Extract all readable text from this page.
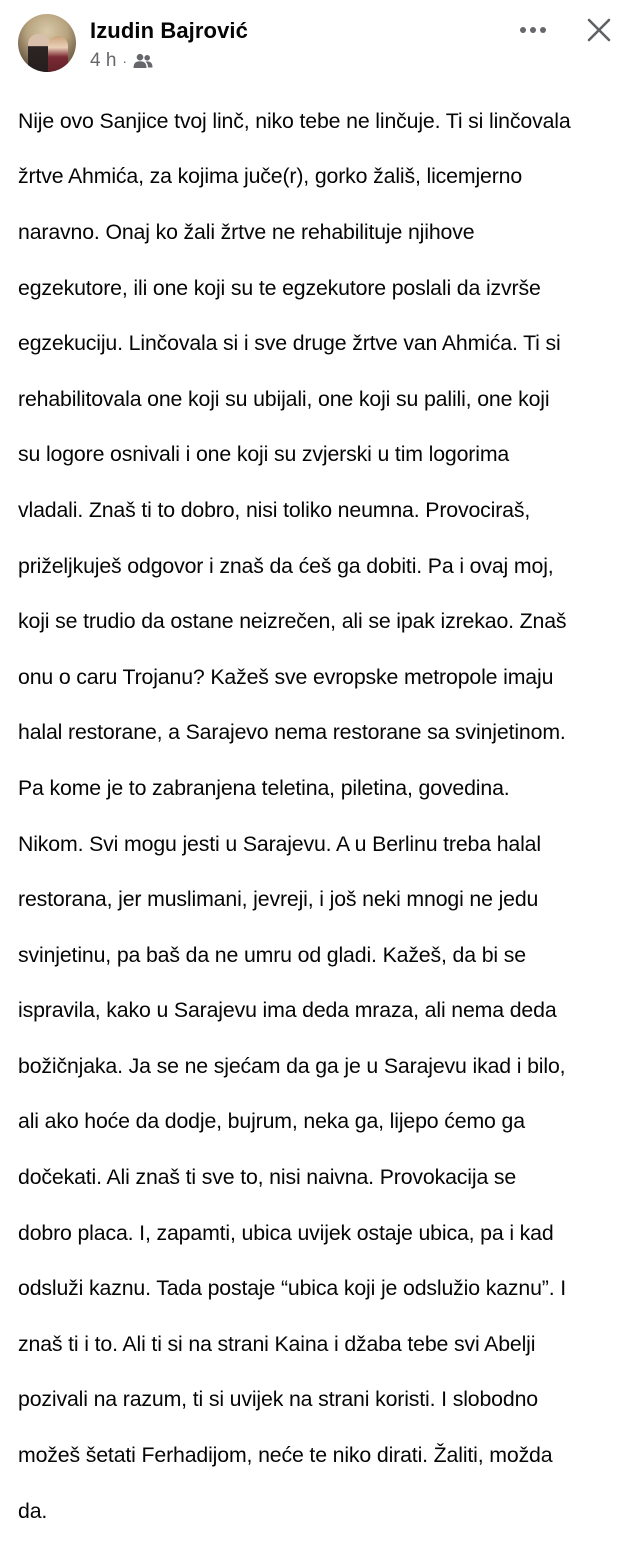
Izudin Bajrović
4 h ·

Nije ovo Sanjice tvoj linč, niko tebe ne linčuje. Ti si linčovala

žrtve Ahmića, za kojima juče(r), gorko žališ, licemjerno

naravno. Onaj ko žali žrtve ne rehabilituje njihove

egzekutore, ili one koji su te egzekutore poslali da izvrše

egzekuciju. Linčovala si i sve druge žrtve van Ahmića. Ti si

rehabilitovala one koji su ubijali, one koji su palili, one koji

su logore osnivali i one koji su zvjerski u tim logorima

vladali. Znaš ti to dobro, nisi toliko neumna. Provociraš,

priželjkuješ odgovor i znaš da ćeš ga dobiti. Pa i ovaj moj,

koji se trudio da ostane neizrečen, ali se ipak izrekao. Znaš

onu o caru Trojanu? Kažeš sve evropske metropole imaju

halal restorane, a Sarajevo nema restorane sa svinjetinom.

Pa kome je to zabranjena teletina, piletina, govedina.

Nikom. Svi mogu jesti u Sarajevu. A u Berlinu treba halal

restorana, jer muslimani, jevreji, i još neki mnogi ne jedu

svinjetinu, pa baš da ne umru od gladi. Kažeš, da bi se

ispravila, kako u Sarajevu ima deda mraza, ali nema deda

božičnjaka. Ja se ne sjećam da ga je u Sarajevu ikad i bilo,

ali ako hoće da dodje, bujrum, neka ga, lijepo ćemo ga

dočekati. Ali znaš ti sve to, nisi naivna. Provokacija se

dobro placa. I, zapamti, ubica uvijek ostaje ubica, pa i kad

odsluži kaznu. Tada postaje “ubica koji je odslužio kaznu”. I

znaš ti i to. Ali ti si na strani Kaina i džaba tebe svi Abelji

pozivali na razum, ti si uvijek na strani koristi. I slobodno

možeš šetati Ferhadijom, neće te niko dirati. Žaliti, možda

da.
